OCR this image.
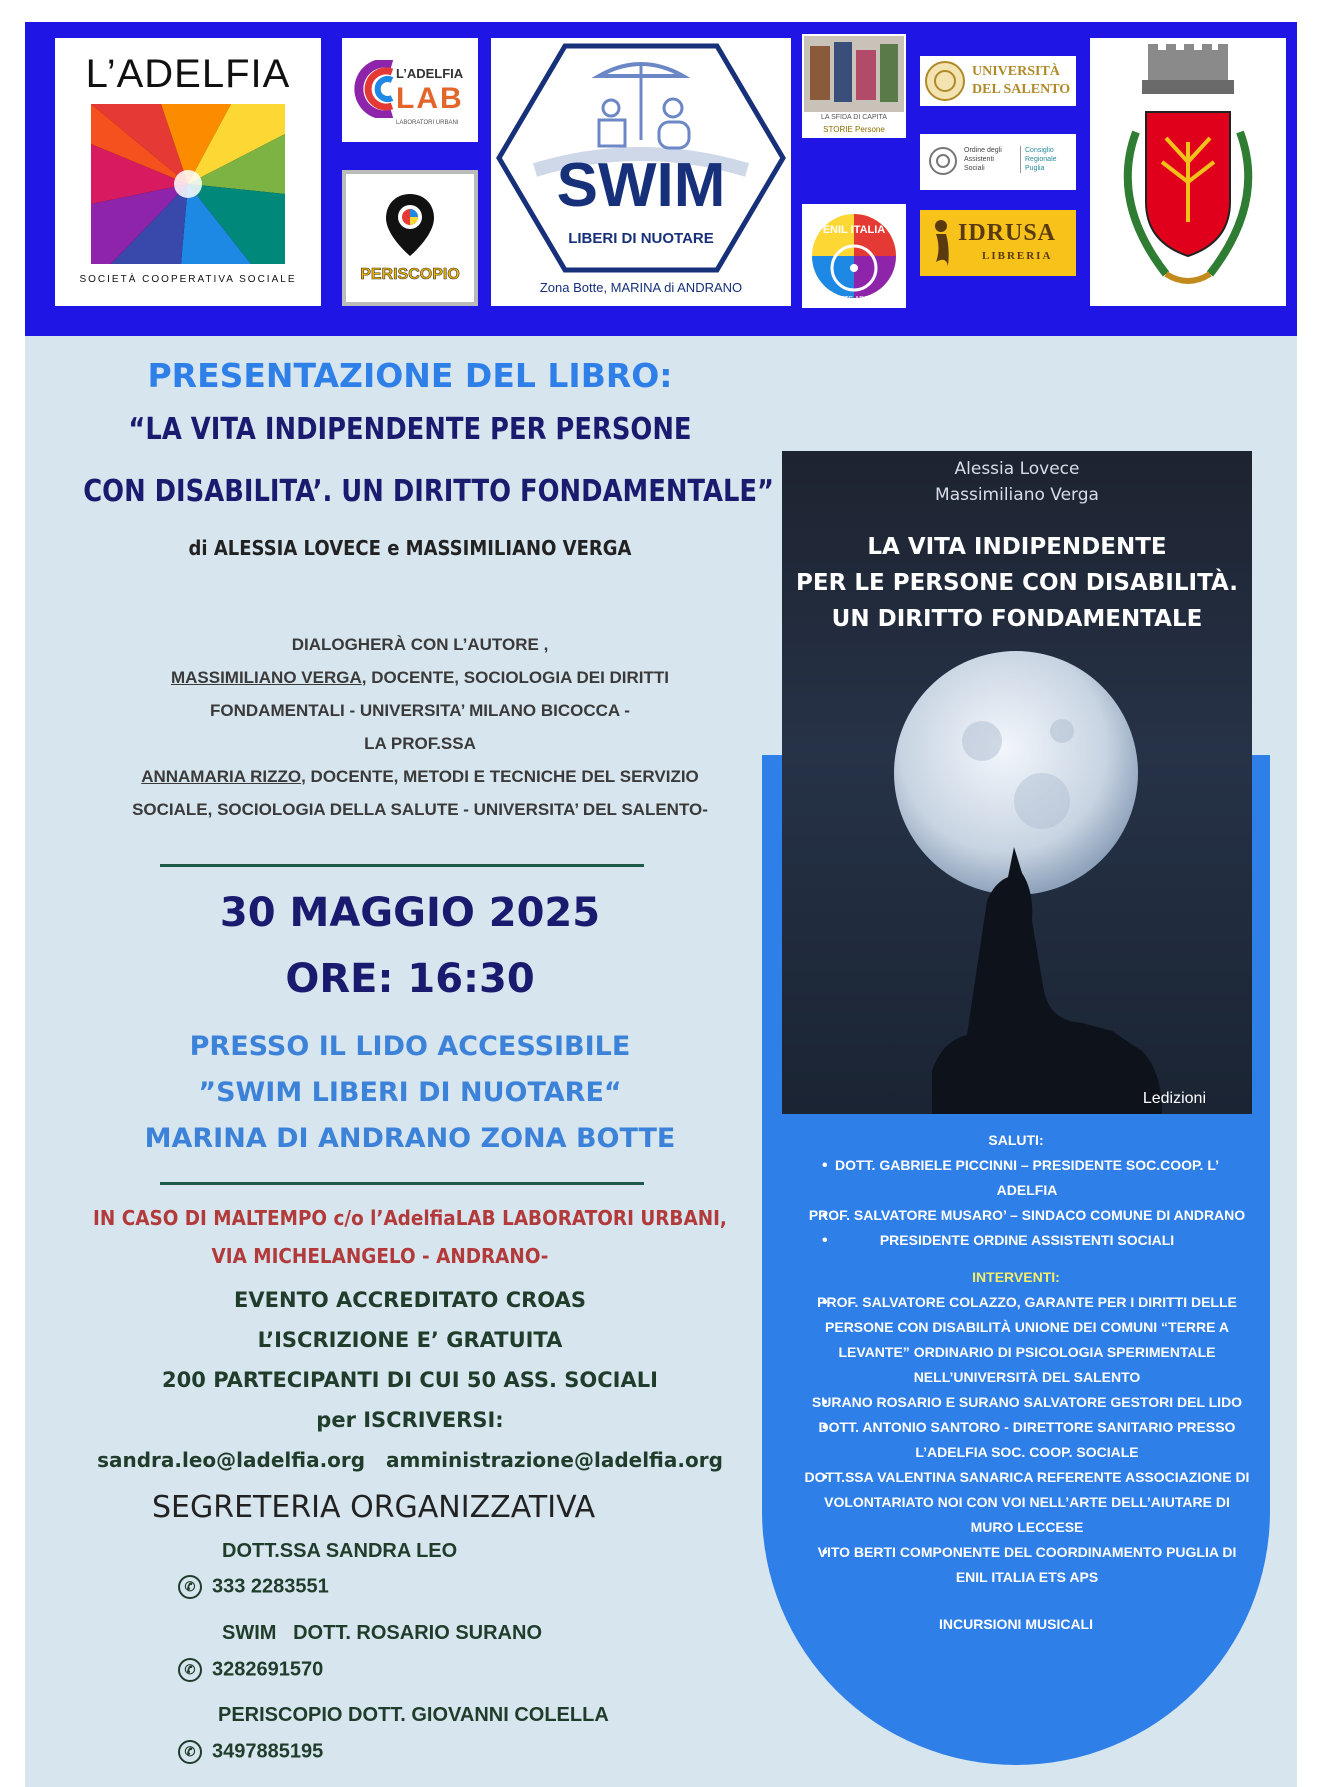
L’ADELFIA
SOCIETÀ COOPERATIVA SOCIALE
L’ADELFIA
LAB
LABORATORI URBANI
PERISCOPIO
SWIM
LIBERI DI NUOTARE
Zona Botte, MARINA di ANDRANO
LA SFIDA DI CAPITA
STORIE Persone
ENIL ITALIA
ETS APS
UNIVERSITÀ
DEL SALENTO
Ordine degli Assistenti Sociali
Consiglio Regionale Puglia
IDRUSA
LIBRERIA
PRESENTAZIONE DEL LIBRO:
“LA VITA INDIPENDENTE PER PERSONE
CON DISABILITA’. UN DIRITTO FONDAMENTALE”
di ALESSIA LOVECE e MASSIMILIANO VERGA
DIALOGHERÀ CON L’AUTORE ,
MASSIMILIANO VERGA, DOCENTE, SOCIOLOGIA DEI DIRITTI
FONDAMENTALI - UNIVERSITA’ MILANO BICOCCA -
LA PROF.SSA
ANNAMARIA RIZZO, DOCENTE, METODI E TECNICHE DEL SERVIZIO
SOCIALE, SOCIOLOGIA DELLA SALUTE - UNIVERSITA’ DEL SALENTO-
30 MAGGIO 2025
ORE: 16:30
PRESSO IL LIDO ACCESSIBILE
”SWIM LIBERI DI NUOTARE“
MARINA DI ANDRANO ZONA BOTTE
IN CASO DI MALTEMPO c/o l’AdelfiaLAB LABORATORI URBANI,
VIA MICHELANGELO - ANDRANO-
EVENTO ACCREDITATO CROAS
L’ISCRIZIONE E’ GRATUITA
200 PARTECIPANTI DI CUI 50 ASS. SOCIALI
per ISCRIVERSI:
sandra.leo@ladelfia.org   amministrazione@ladelfia.org
SEGRETERIA ORGANIZZATIVA
DOTT.SSA SANDRA LEO
✆ 333 2283551
SWIM   DOTT. ROSARIO SURANO
✆ 3282691570
PERISCOPIO DOTT. GIOVANNI COLELLA
✆ 3497885195
Alessia Lovece
Massimiliano Verga
LA VITA INDIPENDENTE
PER LE PERSONE CON DISABILITÀ.
UN DIRITTO FONDAMENTALE
Ledizioni
SALUTI:
• DOTT. GABRIELE PICCINNI – PRESIDENTE SOC.COOP. L’ ADELFIA
• PROF. SALVATORE MUSARO’ – SINDACO COMUNE DI ANDRANO
• PRESIDENTE ORDINE ASSISTENTI SOCIALI
INTERVENTI:
• PROF. SALVATORE COLAZZO, GARANTE PER I DIRITTI DELLE PERSONE CON DISABILITÀ UNIONE DEI COMUNI “TERRE A LEVANTE” ORDINARIO DI PSICOLOGIA SPERIMENTALE NELL’UNIVERSITÀ DEL SALENTO
• SURANO ROSARIO E SURANO SALVATORE GESTORI DEL LIDO
• DOTT. ANTONIO SANTORO - DIRETTORE SANITARIO PRESSO L’ADELFIA SOC. COOP. SOCIALE
• DOTT.SSA VALENTINA SANARICA REFERENTE ASSOCIAZIONE DI VOLONTARIATO NOI CON VOI NELL’ARTE DELL’AIUTARE DI MURO LECCESE
• VITO BERTI COMPONENTE DEL COORDINAMENTO PUGLIA DI ENIL ITALIA ETS APS
INCURSIONI MUSICALI
